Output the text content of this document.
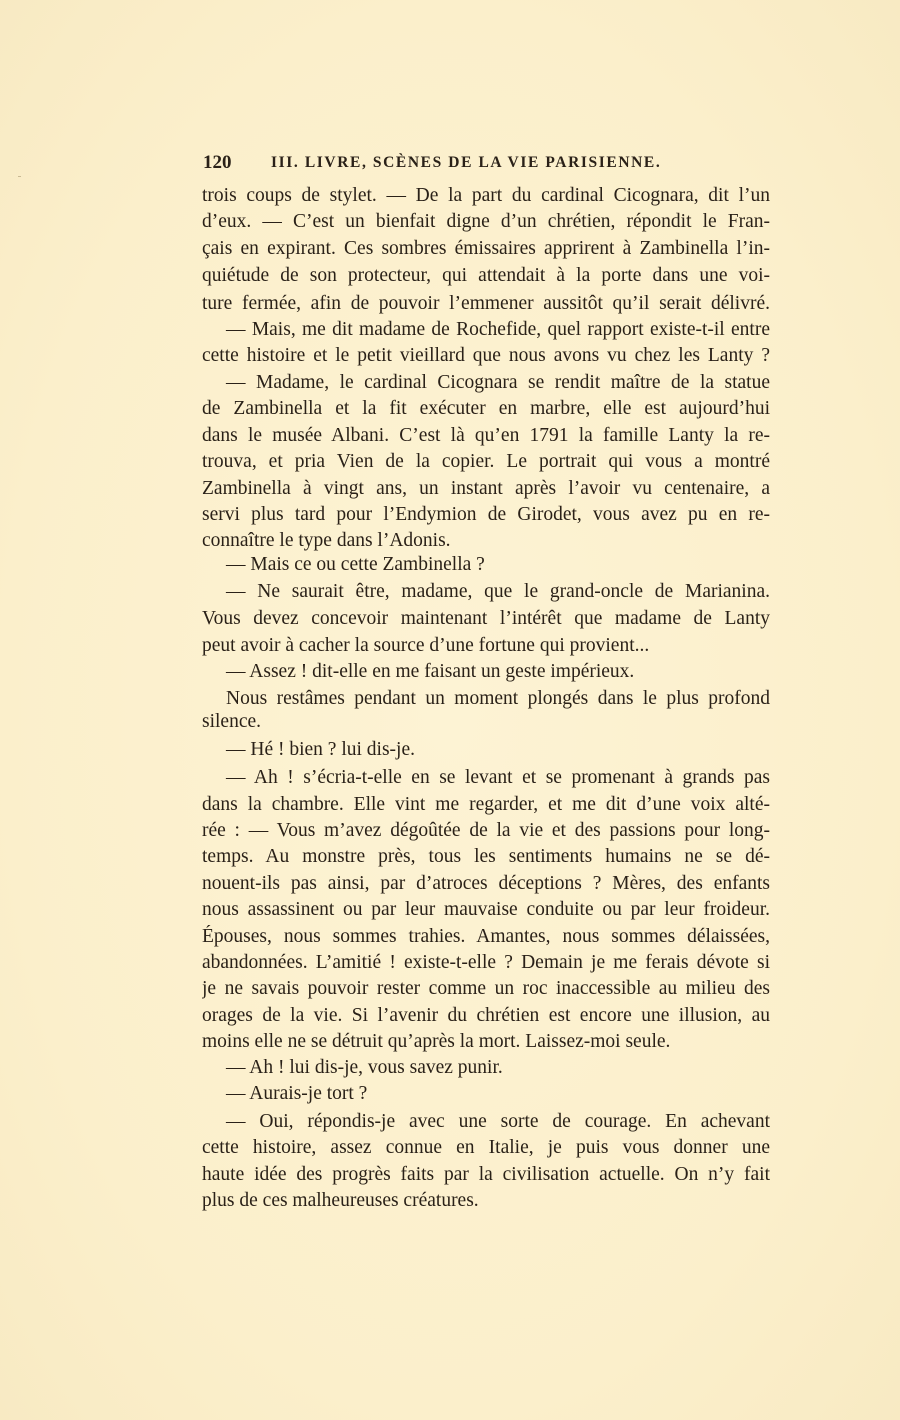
120	III. LIVRE, SCÈNES DE LA VIE PARISIENNE.
trois coups de stylet. — De la part du cardinal Cicognara, dit l’un
d’eux. — C’est un bienfait digne d’un chrétien, répondit le Fran-
çais en expirant. Ces sombres émissaires apprirent à Zambinella l’in-
quiétude de son protecteur, qui attendait à la porte dans une voi-
ture fermée, afin de pouvoir l’emmener aussitôt qu’il serait délivré.
— Mais, me dit madame de Rochefide, quel rapport existe-t-il entre
cette histoire et le petit vieillard que nous avons vu chez les Lanty ?
— Madame, le cardinal Cicognara se rendit maître de la statue
de Zambinella et la fit exécuter en marbre, elle est aujourd’hui
dans le musée Albani. C’est là qu’en 1791 la famille Lanty la re-
trouva, et pria Vien de la copier. Le portrait qui vous a montré
Zambinella à vingt ans, un instant après l’avoir vu centenaire, a
servi plus tard pour l’Endymion de Girodet, vous avez pu en re-
connaître le type dans l’Adonis.
— Mais ce ou cette Zambinella ?
— Ne saurait être, madame, que le grand-oncle de Marianina.
Vous devez concevoir maintenant l’intérêt que madame de Lanty
peut avoir à cacher la source d’une fortune qui provient...
— Assez ! dit-elle en me faisant un geste impérieux.
Nous restâmes pendant un moment plongés dans le plus profond
silence.
— Hé ! bien ? lui dis-je.
— Ah ! s’écria-t-elle en se levant et se promenant à grands pas
dans la chambre. Elle vint me regarder, et me dit d’une voix alté-
rée : — Vous m’avez dégoûtée de la vie et des passions pour long-
temps. Au monstre près, tous les sentiments humains ne se dé-
nouent-ils pas ainsi, par d’atroces déceptions ? Mères, des enfants
nous assassinent ou par leur mauvaise conduite ou par leur froideur.
Épouses, nous sommes trahies. Amantes, nous sommes délaissées,
abandonnées. L’amitié ! existe-t-elle ? Demain je me ferais dévote si
je ne savais pouvoir rester comme un roc inaccessible au milieu des
orages de la vie. Si l’avenir du chrétien est encore une illusion, au
moins elle ne se détruit qu’après la mort. Laissez-moi seule.
— Ah ! lui dis-je, vous savez punir.
— Aurais-je tort ?
— Oui, répondis-je avec une sorte de courage. En achevant
cette histoire, assez connue en Italie, je puis vous donner une
haute idée des progrès faits par la civilisation actuelle. On n’y fait
plus de ces malheureuses créatures.
